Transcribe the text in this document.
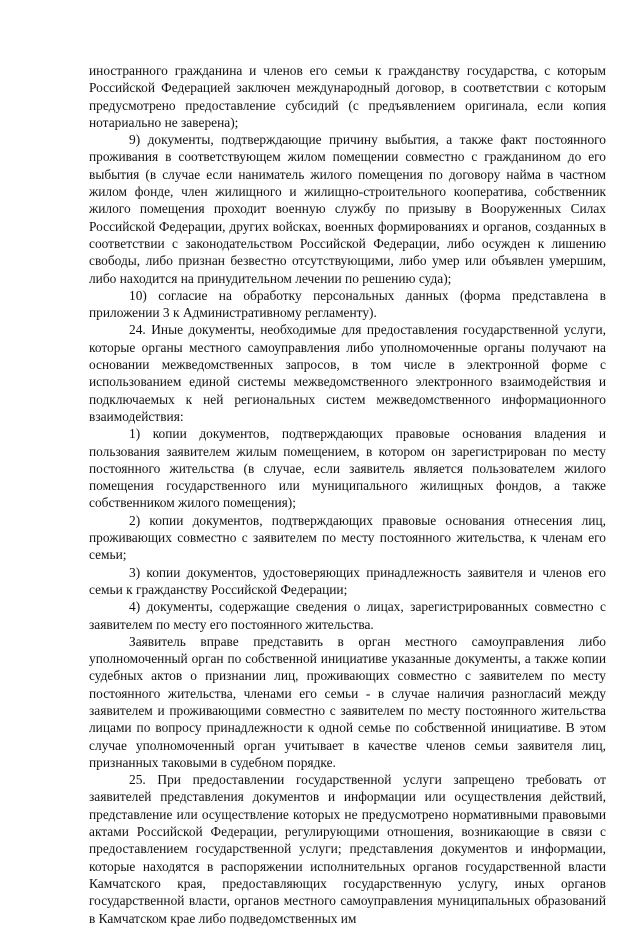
иностранного гражданина и членов его семьи к гражданству государства, с которым Российской Федерацией заключен международный договор, в соответствии с которым предусмотрено предоставление субсидий (с предъявлением оригинала, если копия нотариально не заверена);

9) документы, подтверждающие причину выбытия, а также факт постоянного проживания в соответствующем жилом помещении совместно с гражданином до его выбытия (в случае если наниматель жилого помещения по договору найма в частном жилом фонде, член жилищного и жилищно-строительного кооператива, собственник жилого помещения проходит военную службу по призыву в Вооруженных Силах Российской Федерации, других войсках, военных формированиях и органов, созданных в соответствии с законодательством Российской Федерации, либо осужден к лишению свободы, либо признан безвестно отсутствующими, либо умер или объявлен умершим, либо находится на принудительном лечении по решению суда);

10) согласие на обработку персональных данных (форма представлена в приложении 3 к Административному регламенту).

24. Иные документы, необходимые для предоставления государственной услуги, которые органы местного самоуправления либо уполномоченные органы получают на основании межведомственных запросов, в том числе в электронной форме с использованием единой системы межведомственного электронного взаимодействия и подключаемых к ней региональных систем межведомственного информационного взаимодействия:

1) копии документов, подтверждающих правовые основания владения и пользования заявителем жилым помещением, в котором он зарегистрирован по месту постоянного жительства (в случае, если заявитель является пользователем жилого помещения государственного или муниципального жилищных фондов, а также собственником жилого помещения);

2) копии документов, подтверждающих правовые основания отнесения лиц, проживающих совместно с заявителем по месту постоянного жительства, к членам его семьи;

3) копии документов, удостоверяющих принадлежность заявителя и членов его семьи к гражданству Российской Федерации;

4) документы, содержащие сведения о лицах, зарегистрированных совместно с заявителем по месту его постоянного жительства.

Заявитель вправе представить в орган местного самоуправления либо уполномоченный орган по собственной инициативе указанные документы, а также копии судебных актов о признании лиц, проживающих совместно с заявителем по месту постоянного жительства, членами его семьи - в случае наличия разногласий между заявителем и проживающими совместно с заявителем по месту постоянного жительства лицами по вопросу принадлежности к одной семье по собственной инициативе. В этом случае уполномоченный орган учитывает в качестве членов семьи заявителя лиц, признанных таковыми в судебном порядке.

25. При предоставлении государственной услуги запрещено требовать от заявителей представления документов и информации или осуществления действий, представление или осуществление которых не предусмотрено нормативными правовыми актами Российской Федерации, регулирующими отношения, возникающие в связи с предоставлением государственной услуги; представления документов и информации, которые находятся в распоряжении исполнительных органов государственной власти Камчатского края, предоставляющих государственную услугу, иных органов государственной власти, органов местного самоуправления муниципальных образований в Камчатском крае либо подведомственных им
